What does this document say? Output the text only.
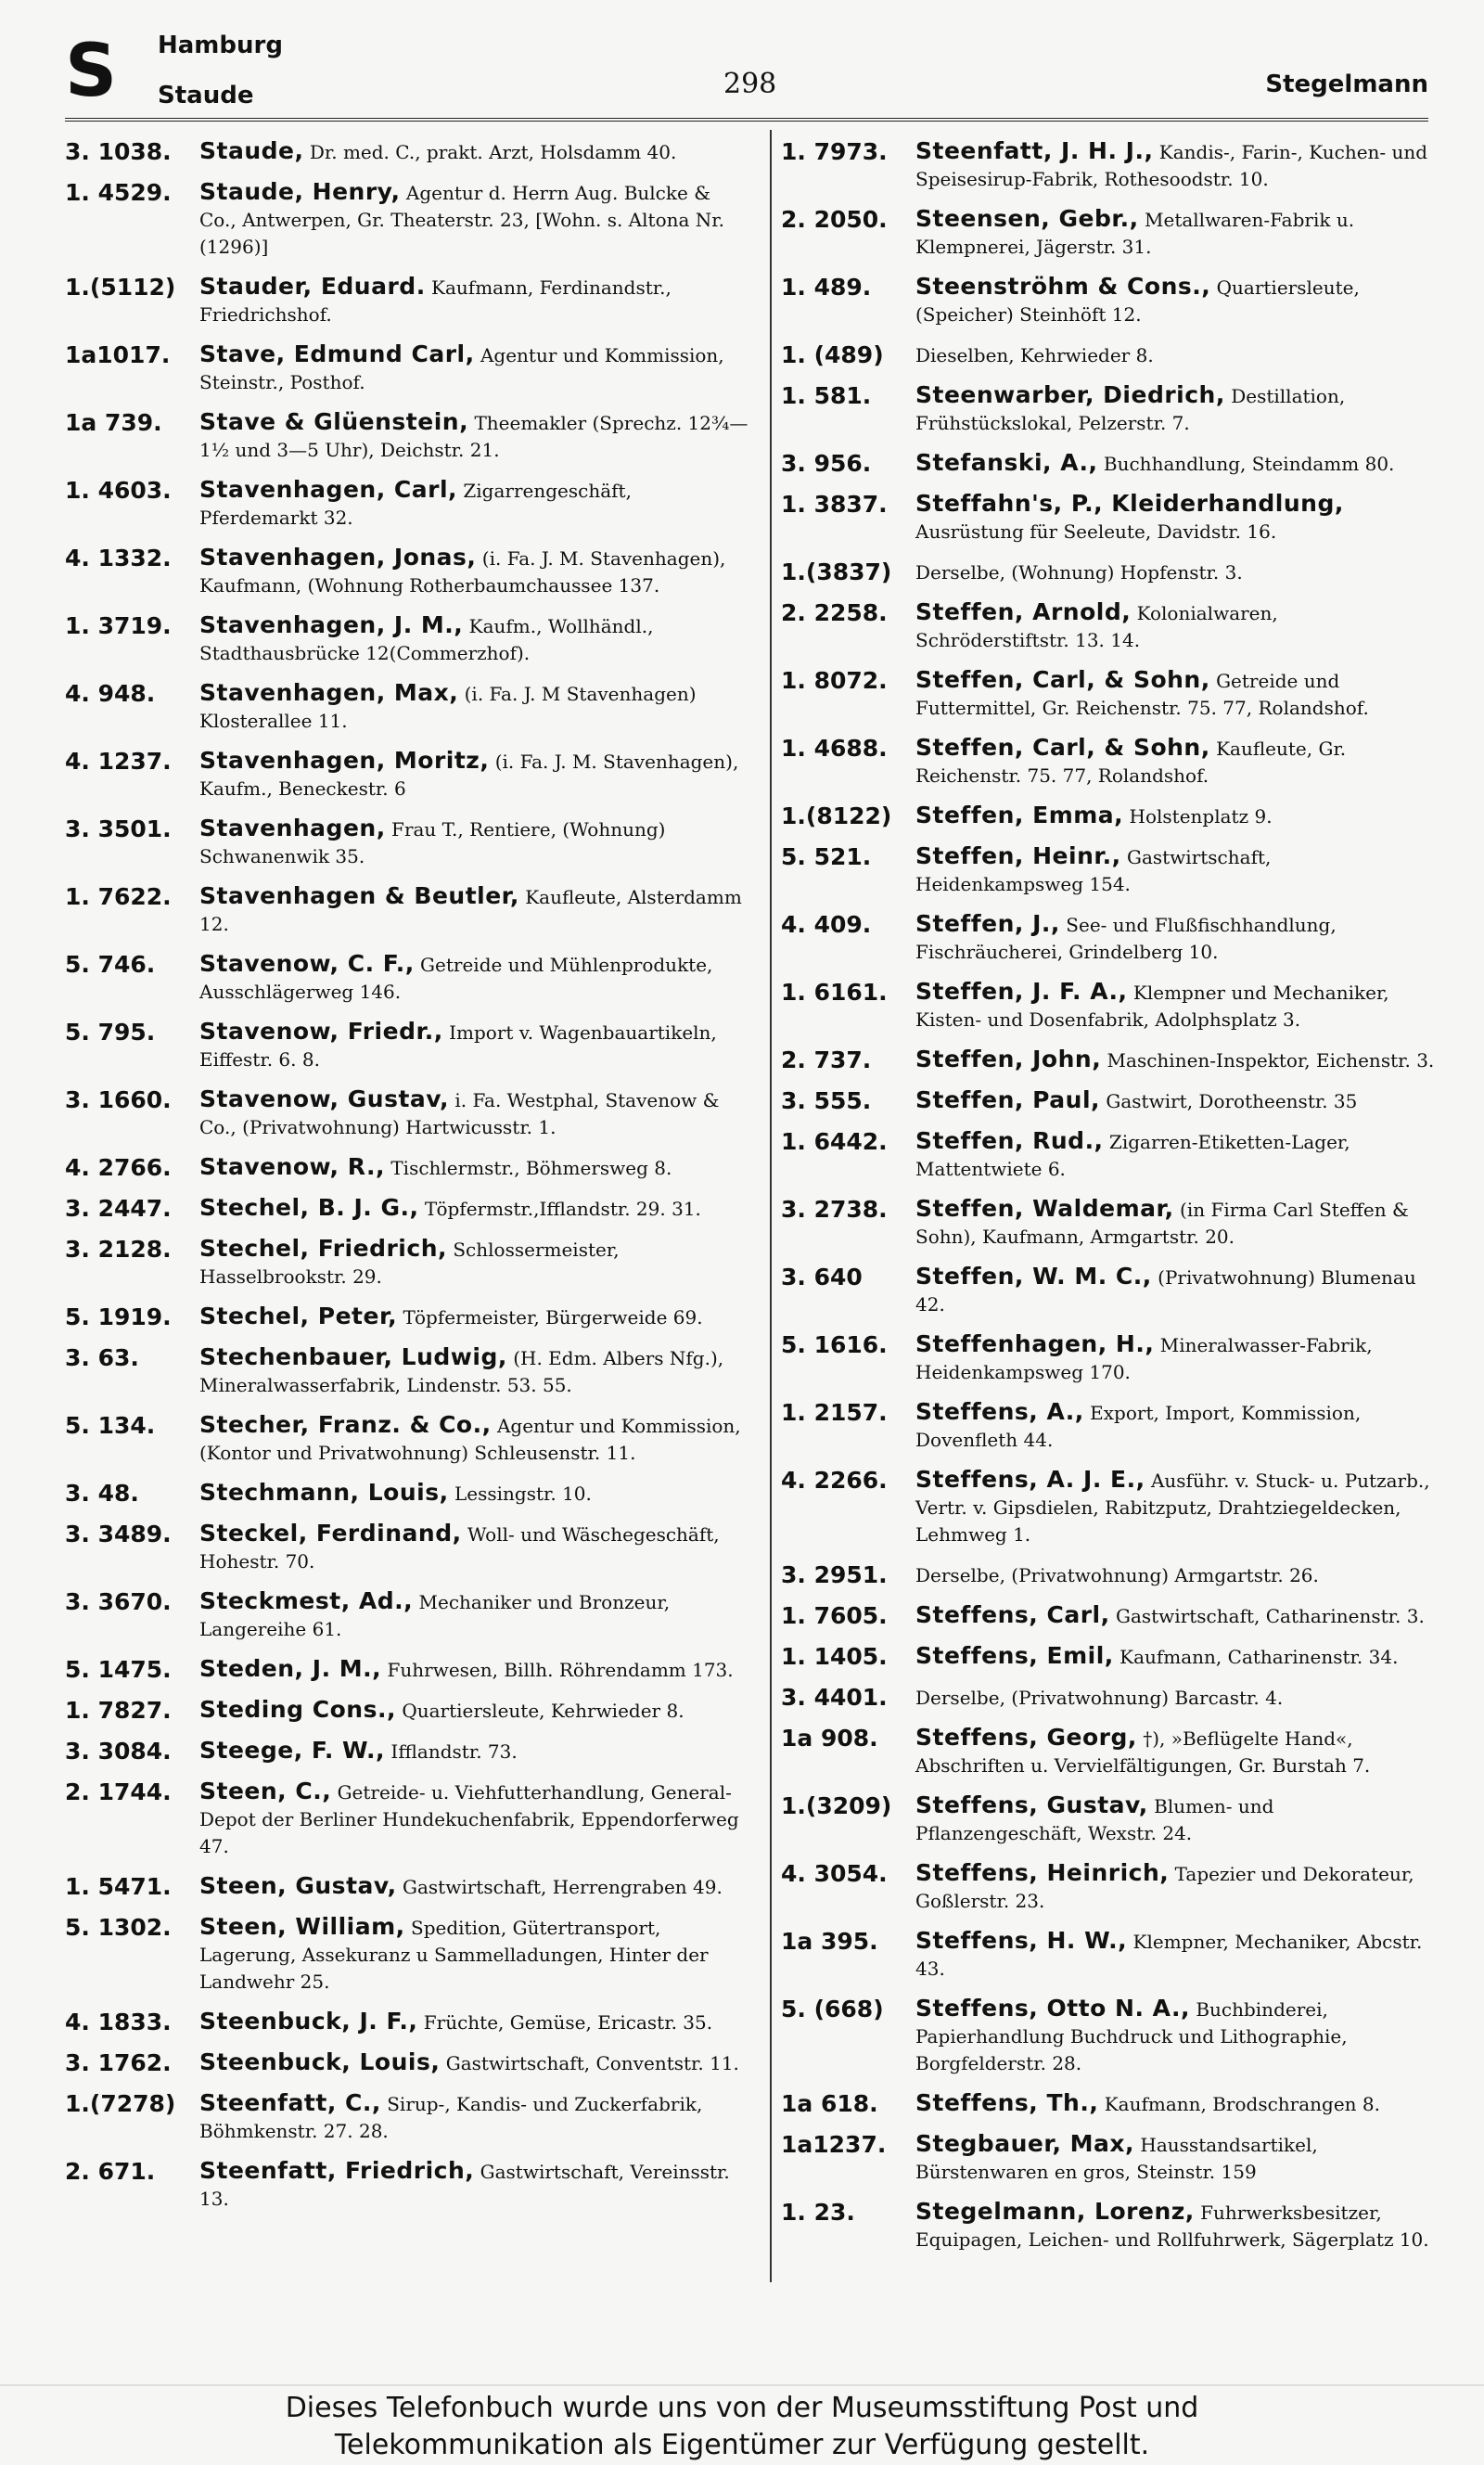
S Hamburg
Staude	298	Stegelmann
3. 1038.	Staude, Dr. med. C., prakt. Arzt, Holsdamm 40.
1. 4529.	Staude, Henry, Agentur d. Herrn Aug. Bulcke & Co., Antwerpen, Gr. Theaterstr. 23, [Wohn. s. Altona Nr. (1296)]
1.(5112)	Stauder, Eduard. Kaufmann, Ferdinandstr., Friedrichshof.
1a1017.	Stave, Edmund Carl, Agentur und Kommission, Steinstr., Posthof.
1a 739.	Stave & Glüenstein, Theemakler (Sprechz. 12¾—1½ und 3—5 Uhr), Deichstr. 21.
1. 4603.	Stavenhagen, Carl, Zigarrengeschäft, Pferdemarkt 32.
4. 1332.	Stavenhagen, Jonas, (i. Fa. J. M. Stavenhagen), Kaufmann, (Wohnung Rotherbaumchaussee 137.
1. 3719.	Stavenhagen, J. M., Kaufm., Wollhändl., Stadthausbrücke 12(Commerzhof).
4. 948.	Stavenhagen, Max, (i. Fa. J. M Stavenhagen) Klosterallee 11.
4. 1237.	Stavenhagen, Moritz, (i. Fa. J. M. Stavenhagen), Kaufm., Beneckestr. 6
3. 3501.	Stavenhagen, Frau T., Rentiere, (Wohnung) Schwanenwik 35.
1. 7622.	Stavenhagen & Beutler, Kaufleute, Alsterdamm 12.
5. 746.	Stavenow, C. F., Getreide und Mühlenprodukte, Ausschlägerweg 146.
5. 795.	Stavenow, Friedr., Import v. Wagenbauartikeln, Eiffestr. 6. 8.
3. 1660.	Stavenow, Gustav, i. Fa. Westphal, Stavenow & Co., (Privatwohnung) Hartwicusstr. 1.
4. 2766.	Stavenow, R., Tischlermstr., Böhmersweg 8.
3. 2447.	Stechel, B. J. G., Töpfermstr.,Ifflandstr. 29. 31.
3. 2128.	Stechel, Friedrich, Schlossermeister, Hasselbrookstr. 29.
5. 1919.	Stechel, Peter, Töpfermeister, Bürgerweide 69.
3. 63.	Stechenbauer, Ludwig, (H. Edm. Albers Nfg.), Mineralwasserfabrik, Lindenstr. 53. 55.
5. 134.	Stecher, Franz. & Co., Agentur und Kommission, (Kontor und Privatwohnung) Schleusenstr. 11.
3. 48.	Stechmann, Louis, Lessingstr. 10.
3. 3489.	Steckel, Ferdinand, Woll- und Wäschegeschäft, Hohestr. 70.
3. 3670.	Steckmest, Ad., Mechaniker und Bronzeur, Langereihe 61.
5. 1475.	Steden, J. M., Fuhrwesen, Billh. Röhrendamm 173.
1. 7827.	Steding Cons., Quartiersleute, Kehrwieder 8.
3. 3084.	Steege, F. W., Ifflandstr. 73.
2. 1744.	Steen, C., Getreide- u. Viehfutterhandlung, General-Depot der Berliner Hundekuchenfabrik, Eppendorferweg 47.
1. 5471.	Steen, Gustav, Gastwirtschaft, Herrengraben 49.
5. 1302.	Steen, William, Spedition, Gütertransport, Lagerung, Assekuranz u Sammelladungen, Hinter der Landwehr 25.
4. 1833.	Steenbuck, J. F., Früchte, Gemüse, Ericastr. 35.
3. 1762.	Steenbuck, Louis, Gastwirtschaft, Conventstr. 11.
1.(7278)	Steenfatt, C., Sirup-, Kandis- und Zuckerfabrik, Böhmkenstr. 27. 28.
2. 671.	Steenfatt, Friedrich, Gastwirtschaft, Vereinsstr. 13.
1. 7973.	Steenfatt, J. H. J., Kandis-, Farin-, Kuchen- und Speisesirup-Fabrik, Rothesoodstr. 10.
2. 2050.	Steensen, Gebr., Metallwaren-Fabrik u. Klempnerei, Jägerstr. 31.
1. 489.	Steenströhm & Cons., Quartiersleute, (Speicher) Steinhöft 12.
1. (489)	Dieselben, Kehrwieder 8.
1. 581.	Steenwarber, Diedrich, Destillation, Frühstückslokal, Pelzerstr. 7.
3. 956.	Stefanski, A., Buchhandlung, Steindamm 80.
1. 3837.	Steffahn's, P., Kleiderhandlung, Ausrüstung für Seeleute, Davidstr. 16.
1.(3837)	Derselbe, (Wohnung) Hopfenstr. 3.
2. 2258.	Steffen, Arnold, Kolonialwaren, Schröderstiftstr. 13. 14.
1. 8072.	Steffen, Carl, & Sohn, Getreide und Futtermittel, Gr. Reichenstr. 75. 77, Rolandshof.
1. 4688.	Steffen, Carl, & Sohn, Kaufleute, Gr. Reichenstr. 75. 77, Rolandshof.
1.(8122)	Steffen, Emma, Holstenplatz 9.
5. 521.	Steffen, Heinr., Gastwirtschaft, Heidenkampsweg 154.
4. 409.	Steffen, J., See- und Flußfischhandlung, Fischräucherei, Grindelberg 10.
1. 6161.	Steffen, J. F. A., Klempner und Mechaniker, Kisten- und Dosenfabrik, Adolphsplatz 3.
2. 737.	Steffen, John, Maschinen-Inspektor, Eichenstr. 3.
3. 555.	Steffen, Paul, Gastwirt, Dorotheenstr. 35
1. 6442.	Steffen, Rud., Zigarren-Etiketten-Lager, Mattentwiete 6.
3. 2738.	Steffen, Waldemar, (in Firma Carl Steffen & Sohn), Kaufmann, Armgartstr. 20.
3. 640	Steffen, W. M. C., (Privatwohnung) Blumenau 42.
5. 1616.	Steffenhagen, H., Mineralwasser-Fabrik, Heidenkampsweg 170.
1. 2157.	Steffens, A., Export, Import, Kommission, Dovenfleth 44.
4. 2266.	Steffens, A. J. E., Ausführ. v. Stuck- u. Putzarb., Vertr. v. Gipsdielen, Rabitzputz, Drahtziegeldecken, Lehmweg 1.
3. 2951.	Derselbe, (Privatwohnung) Armgartstr. 26.
1. 7605.	Steffens, Carl, Gastwirtschaft, Catharinenstr. 3.
1. 1405.	Steffens, Emil, Kaufmann, Catharinenstr. 34.
3. 4401.	Derselbe, (Privatwohnung) Barcastr. 4.
1a 908.	Steffens, Georg, †), »Beflügelte Hand«, Abschriften u. Vervielfältigungen, Gr. Burstah 7.
1.(3209)	Steffens, Gustav, Blumen- und Pflanzengeschäft, Wexstr. 24.
4. 3054.	Steffens, Heinrich, Tapezier und Dekorateur, Goßlerstr. 23.
1a 395.	Steffens, H. W., Klempner, Mechaniker, Abcstr. 43.
5. (668)	Steffens, Otto N. A., Buchbinderei, Papierhandlung Buchdruck und Lithographie, Borgfelderstr. 28.
1a 618.	Steffens, Th., Kaufmann, Brodschrangen 8.
1a1237.	Stegbauer, Max, Hausstandsartikel, Bürstenwaren en gros, Steinstr. 159
1. 23.	Stegelmann, Lorenz, Fuhrwerksbesitzer, Equipagen, Leichen- und Rollfuhrwerk, Sägerplatz 10.
Dieses Telefonbuch wurde uns von der Museumsstiftung Post und
Telekommunikation als Eigentümer zur Verfügung gestellt.
